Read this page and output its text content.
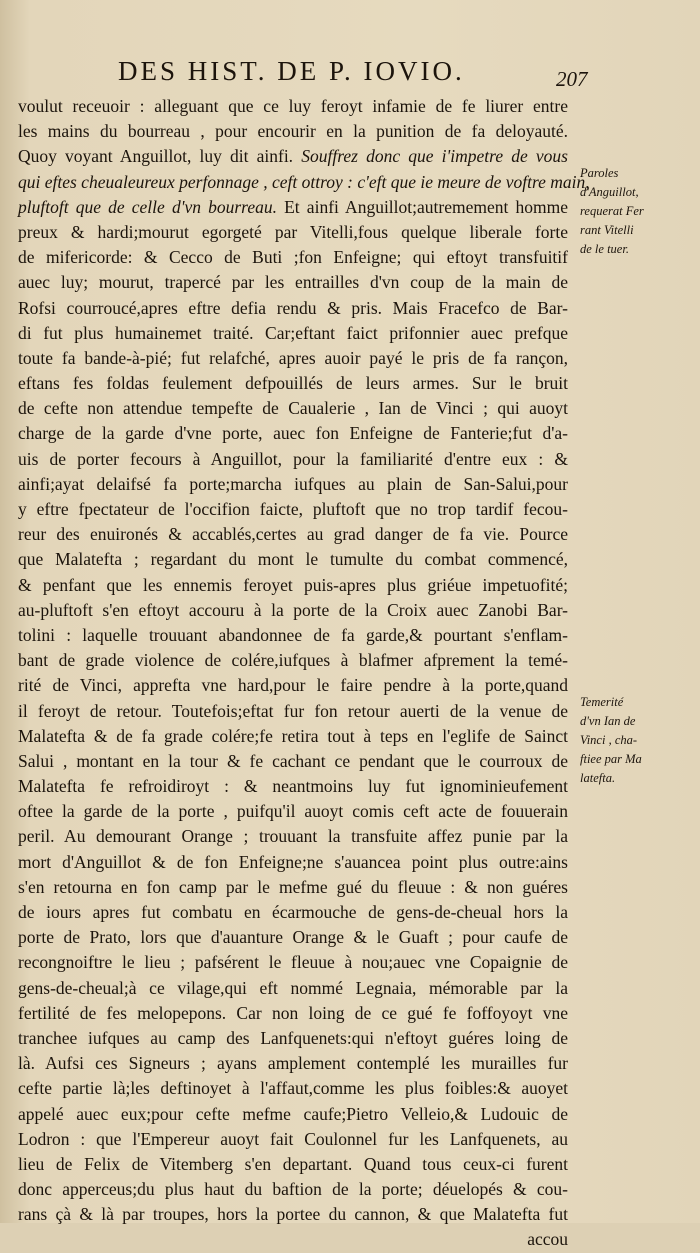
DES HIST. DE P. IOVIO.	207
voulut receuoir : alleguant que ce luy feroyt infamie de fe liurer entre
les mains du bourreau , pour encourir en la punition de fa deloyauté.
Quoy voyant Anguillot, luy dit ainfi. Souffrez donc que i'impetre de vous
qui eftes cheualeureux perfonnage , ceft ottroy : c'eft que ie meure de voftre main,
pluftoft que de celle d'vn bourreau. Et ainfi Anguillot;autremement homme
preux & hardi;mourut egorgeté par Vitelli,fous quelque liberale forte
de mifericorde: & Cecco de Buti ;fon Enfeigne; qui eftoyt transfuitif
auec luy; mourut, trapercé par les entrailles d'vn coup de la main de
Rofsi courroucé,apres eftre defia rendu & pris. Mais Fracefco de Bar-
di fut plus humainemet traité. Car;eftant faict prifonnier auec prefque
toute fa bande-à-pié; fut relafché, apres auoir payé le pris de fa rançon,
eftans fes foldas feulement defpouillés de leurs armes. Sur le bruit
de cefte non attendue tempefte de Caualerie , Ian de Vinci ; qui auoyt
charge de la garde d'vne porte, auec fon Enfeigne de Fanterie;fut d'a-
uis de porter fecours à Anguillot, pour la familiarité d'entre eux : &
ainfi;ayat delaifsé fa porte;marcha iufques au plain de San-Salui,pour
y eftre fpectateur de l'occifion faicte, pluftoft que no trop tardif fecou-
reur des enuironés & accablés,certes au grad danger de fa vie. Pource
que Malatefta ; regardant du mont le tumulte du combat commencé,
& penfant que les ennemis feroyet puis-apres plus griéue impetuofité;
au-pluftoft s'en eftoyt accouru à la porte de la Croix auec Zanobi Bar-
tolini : laquelle trouuant abandonnee de fa garde,& pourtant s'enflam-
bant de grade violence de colére,iufques à blafmer afprement la temé-
rité de Vinci, apprefta vne hard,pour le faire pendre à la porte,quand
il feroyt de retour. Toutefois;eftat fur fon retour auerti de la venue de
Malatefta & de fa grade colére;fe retira tout à teps en l'eglife de Sainct
Salui , montant en la tour & fe cachant ce pendant que le courroux de
Malatefta fe refroidiroyt : & neantmoins luy fut ignominieufement
oftee la garde de la porte , puifqu'il auoyt comis ceft acte de fouuerain
peril. Au demourant Orange ; trouuant la transfuite affez punie par la
mort d'Anguillot & de fon Enfeigne;ne s'auancea point plus outre:ains
s'en retourna en fon camp par le mefme gué du fleuue : & non guéres
de iours apres fut combatu en écarmouche de gens-de-cheual hors la
porte de Prato, lors que d'auanture Orange & le Guaft ; pour caufe de
recongnoiftre le lieu ; pafsérent le fleuue à nou;auec vne Copaignie de
gens-de-cheual;à ce vilage,qui eft nommé Legnaia, mémorable par la
fertilité de fes melopepons. Car non loing de ce gué fe foffoyoyt vne
tranchee iufques au camp des Lanfquenets:qui n'eftoyt guéres loing de
là. Aufsi ces Signeurs ; ayans amplement contemplé les murailles fur
cefte partie là;les deftinoyet à l'affaut,comme les plus foibles:& auoyet
appelé auec eux;pour cefte mefme caufe;Pietro Velleio,& Ludouic de
Lodron : que l'Empereur auoyt fait Coulonnel fur les Lanfquenets, au
lieu de Felix de Vitemberg s'en departant. Quand tous ceux-ci furent
donc apperceus;du plus haut du baftion de la porte; déuelopés & cou-
rans çà & là par troupes, hors la portee du cannon, & que Malatefta fut
accou
Paroles
d'Anguillot,
requerat Fer
rant Vitelli
de le tuer.
Temerité
d'vn Ian de
Vinci , cha-
ftiee par Ma
latefta.
